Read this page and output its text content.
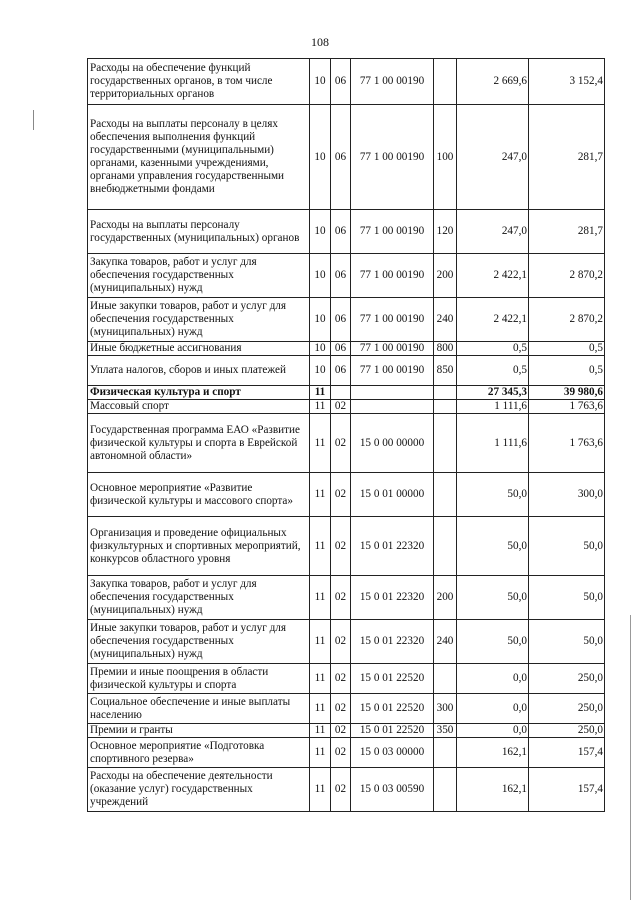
108
Расходы на обеспечение функций государственных органов, в том числе территориальных органов	10	06	77 1 00 00190		2 669,6	3 152,4
Расходы на выплаты персоналу в целях обеспечения выполнения функций государственными (муниципальными) органами, казенными учреждениями, органами управления государственными внебюджетными фондами	10	06	77 1 00 00190	100	247,0	281,7
Расходы на выплаты персоналу государственных (муниципальных) органов	10	06	77 1 00 00190	120	247,0	281,7
Закупка товаров, работ и услуг для обеспечения государственных (муниципальных) нужд	10	06	77 1 00 00190	200	2 422,1	2 870,2
Иные закупки товаров, работ и услуг для обеспечения государственных (муниципальных) нужд	10	06	77 1 00 00190	240	2 422,1	2 870,2
Иные бюджетные ассигнования	10	06	77 1 00 00190	800	0,5	0,5
Уплата налогов, сборов и иных платежей	10	06	77 1 00 00190	850	0,5	0,5
Физическая культура и спорт	11				27 345,3	39 980,6
Массовый спорт	11	02			1 111,6	1 763,6
Государственная программа ЕАО «Развитие физической культуры и спорта в Еврейской автономной области»	11	02	15 0 00 00000		1 111,6	1 763,6
Основное мероприятие «Развитие физической культуры и массового спорта»	11	02	15 0 01 00000		50,0	300,0
Организация и проведение официальных физкультурных и спортивных мероприятий, конкурсов областного уровня	11	02	15 0 01 22320		50,0	50,0
Закупка товаров, работ и услуг для обеспечения государственных (муниципальных) нужд	11	02	15 0 01 22320	200	50,0	50,0
Иные закупки товаров, работ и услуг для обеспечения государственных (муниципальных) нужд	11	02	15 0 01 22320	240	50,0	50,0
Премии и иные поощрения в области физической культуры и спорта	11	02	15 0 01 22520		0,0	250,0
Социальное обеспечение и иные выплаты населению	11	02	15 0 01 22520	300	0,0	250,0
Премии и гранты	11	02	15 0 01 22520	350	0,0	250,0
Основное мероприятие «Подготовка спортивного резерва»	11	02	15 0 03 00000		162,1	157,4
Расходы на обеспечение деятельности (оказание услуг) государственных учреждений	11	02	15 0 03 00590		162,1	157,4
